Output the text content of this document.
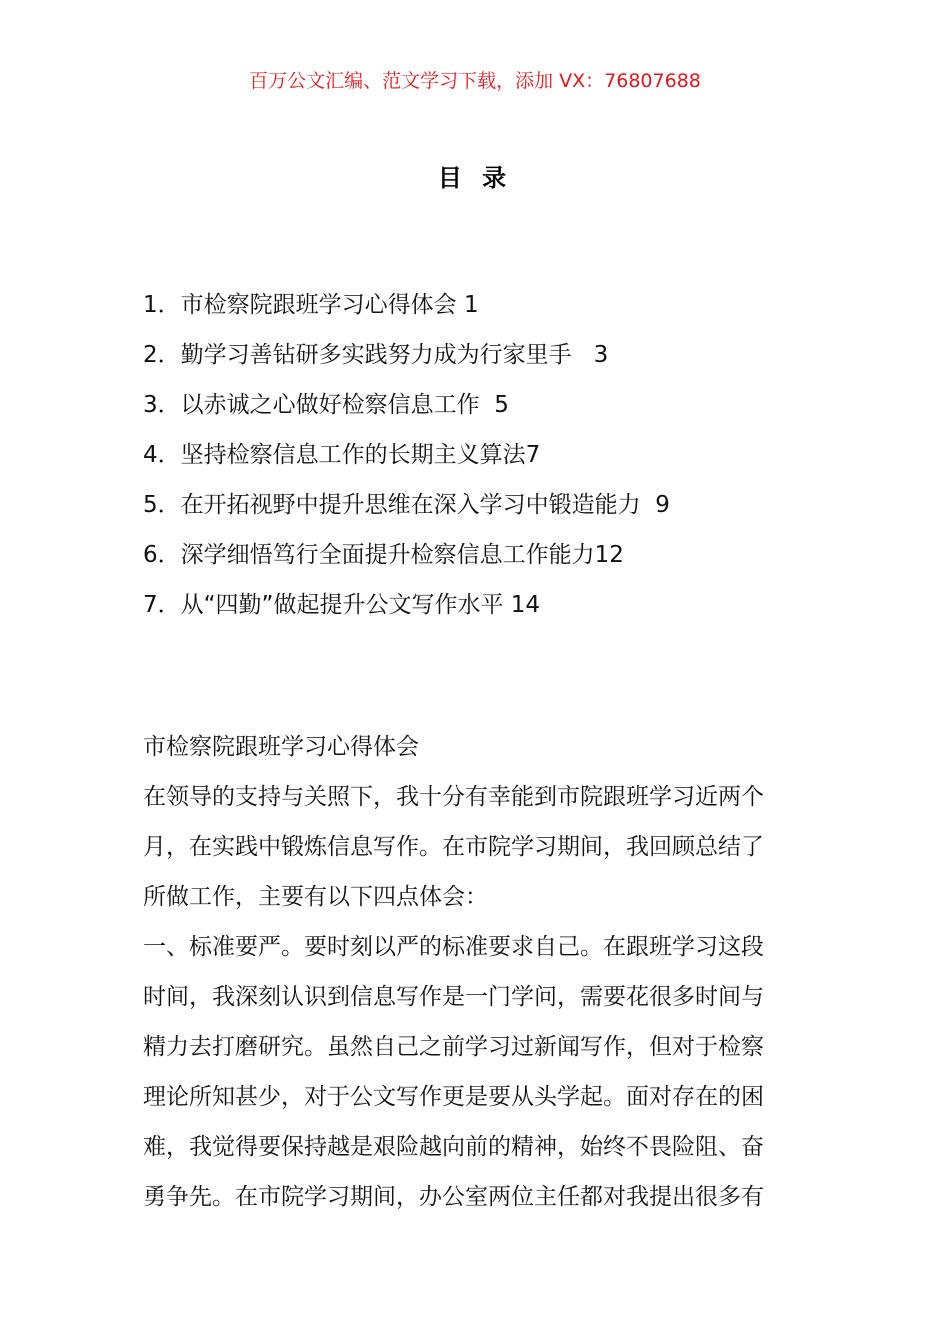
百万公文汇编、范文学习下载，添加 VX：76807688
目 录
1．市检察院跟班学习心得体会 1
2．勤学习善钻研多实践努力成为行家里手 3
3．以赤诚之心做好检察信息工作 5
4．坚持检察信息工作的长期主义算法7
5．在开拓视野中提升思维在深入学习中锻造能力 9
6．深学细悟笃行全面提升检察信息工作能力12
7．从“四勤”做起提升公文写作水平 14

市检察院跟班学习心得体会

在领导的支持与关照下，我十分有幸能到市院跟班学习近两个

月，在实践中锻炼信息写作。在市院学习期间，我回顾总结了

所做工作，主要有以下四点体会：

一、标准要严。要时刻以严的标准要求自己。在跟班学习这段

时间，我深刻认识到信息写作是一门学问，需要花很多时间与

精力去打磨研究。虽然自己之前学习过新闻写作，但对于检察

理论所知甚少，对于公文写作更是要从头学起。面对存在的困

难，我觉得要保持越是艰险越向前的精神，始终不畏险阻、奋

勇争先。在市院学习期间，办公室两位主任都对我提出很多有
